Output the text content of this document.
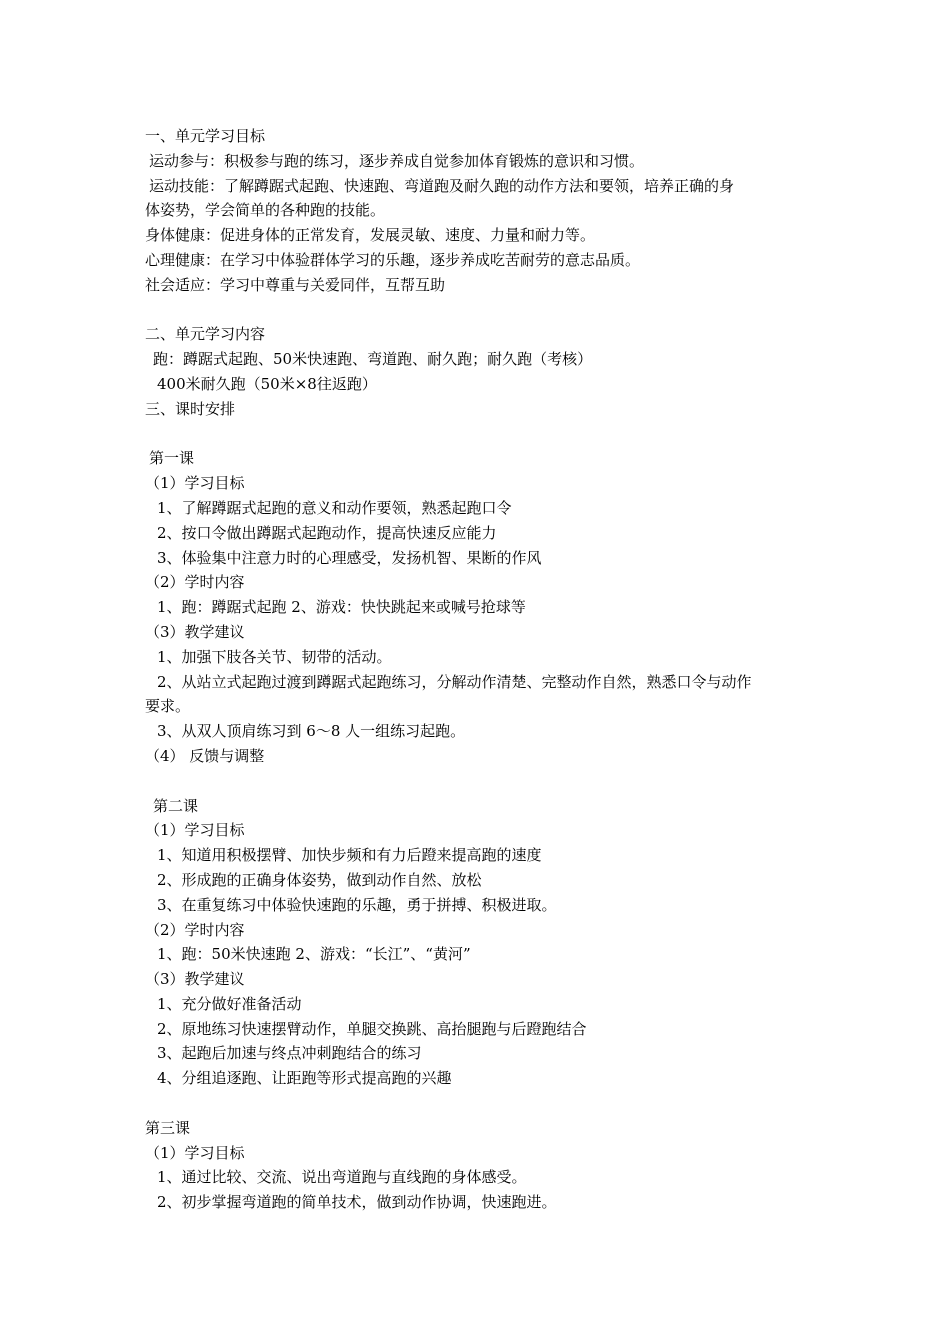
一、单元学习目标
运动参与：积极参与跑的练习，逐步养成自觉参加体育锻炼的意识和习惯。
运动技能：了解蹲踞式起跑、快速跑、弯道跑及耐久跑的动作方法和要领，培养正确的身
体姿势，学会简单的各种跑的技能。
身体健康：促进身体的正常发育，发展灵敏、速度、力量和耐力等。
心理健康：在学习中体验群体学习的乐趣，逐步养成吃苦耐劳的意志品质。
社会适应：学习中尊重与关爱同伴，互帮互助
二、单元学习内容
跑：蹲踞式起跑、50米快速跑、弯道跑、耐久跑；耐久跑（考核）
400米耐久跑（50米×8往返跑）
三、课时安排
第一课
（1）学习目标
1、了解蹲踞式起跑的意义和动作要领，熟悉起跑口令
2、按口令做出蹲踞式起跑动作，提高快速反应能力
3、体验集中注意力时的心理感受，发扬机智、果断的作风
（2）学时内容
1、跑：蹲踞式起跑 2、游戏：快快跳起来或喊号抢球等
（3）教学建议
1、加强下肢各关节、韧带的活动。
2、从站立式起跑过渡到蹲踞式起跑练习，分解动作清楚、完整动作自然，熟悉口令与动作
要求。
3、从双人顶肩练习到 6～8 人一组练习起跑。
（4） 反馈与调整
第二课
（1）学习目标
1、知道用积极摆臂、加快步频和有力后蹬来提高跑的速度
2、形成跑的正确身体姿势，做到动作自然、放松
3、在重复练习中体验快速跑的乐趣，勇于拼搏、积极进取。
（2）学时内容
1、跑：50米快速跑 2、游戏：“长江”、“黄河”
（3）教学建议
1、充分做好准备活动
2、原地练习快速摆臂动作，单腿交换跳、高抬腿跑与后蹬跑结合
3、起跑后加速与终点冲刺跑结合的练习
4、分组追逐跑、让距跑等形式提高跑的兴趣
第三课
（1）学习目标
1、通过比较、交流、说出弯道跑与直线跑的身体感受。
2、初步掌握弯道跑的简单技术，做到动作协调，快速跑进。
